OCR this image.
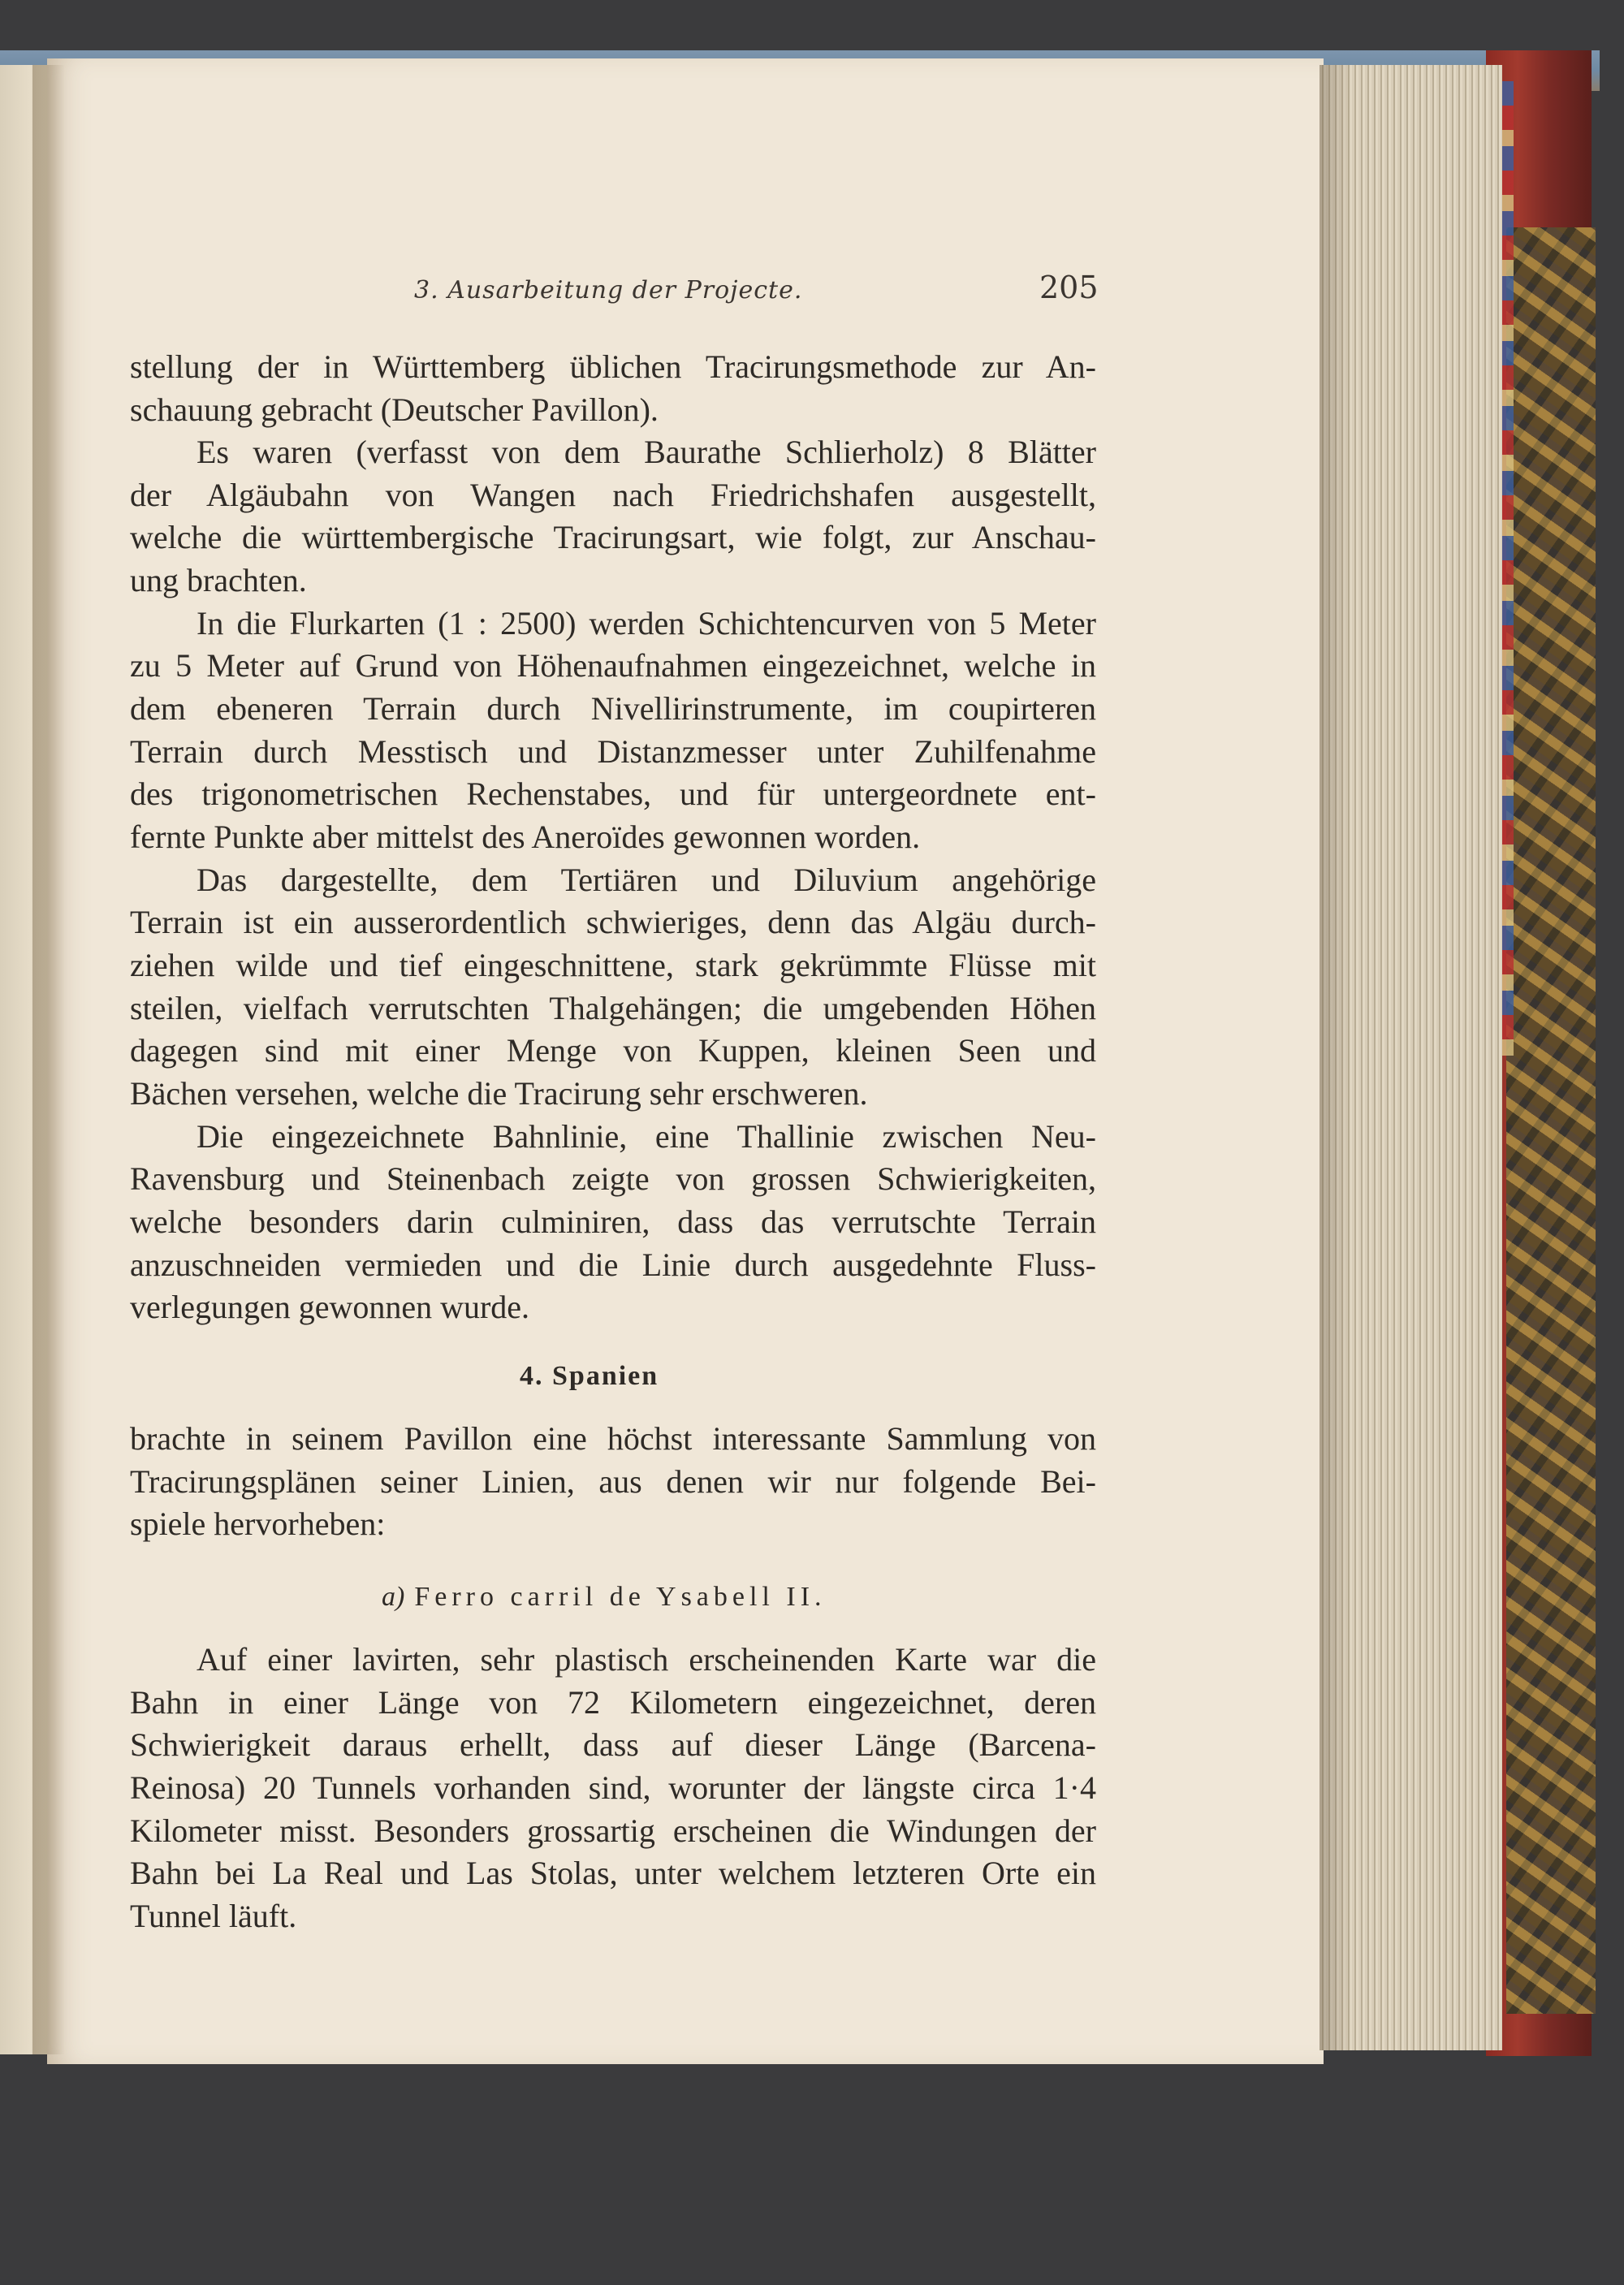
3. Ausarbeitung der Projecte.	205
stellung der in Württemberg üblichen Tracirungsmethode zur An-
schauung gebracht (Deutscher Pavillon).
Es waren (verfasst von dem Baurathe Schlierholz) 8 Blätter
der Algäubahn von Wangen nach Friedrichshafen ausgestellt,
welche die württembergische Tracirungsart, wie folgt, zur Anschau-
ung brachten.
In die Flurkarten (1 : 2500) werden Schichtencurven von 5 Meter
zu 5 Meter auf Grund von Höhenaufnahmen eingezeichnet, welche in
dem ebeneren Terrain durch Nivellirinstrumente, im coupirteren
Terrain durch Messtisch und Distanzmesser unter Zuhilfenahme
des trigonometrischen Rechenstabes, und für untergeordnete ent-
fernte Punkte aber mittelst des Aneroïdes gewonnen worden.
Das dargestellte, dem Tertiären und Diluvium angehörige
Terrain ist ein ausserordentlich schwieriges, denn das Algäu durch-
ziehen wilde und tief eingeschnittene, stark gekrümmte Flüsse mit
steilen, vielfach verrutschten Thalgehängen; die umgebenden Höhen
dagegen sind mit einer Menge von Kuppen, kleinen Seen und
Bächen versehen, welche die Tracirung sehr erschweren.
Die eingezeichnete Bahnlinie, eine Thallinie zwischen Neu-
Ravensburg und Steinenbach zeigte von grossen Schwierigkeiten,
welche besonders darin culminiren, dass das verrutschte Terrain
anzuschneiden vermieden und die Linie durch ausgedehnte Fluss-
verlegungen gewonnen wurde.
4. Spanien
brachte in seinem Pavillon eine höchst interessante Sammlung von
Tracirungsplänen seiner Linien, aus denen wir nur folgende Bei-
spiele hervorheben:
a) Ferro carril de Ysabell II.
Auf einer lavirten, sehr plastisch erscheinenden Karte war die
Bahn in einer Länge von 72 Kilometern eingezeichnet, deren
Schwierigkeit daraus erhellt, dass auf dieser Länge (Barcena-
Reinosa) 20 Tunnels vorhanden sind, worunter der längste circa 1·4
Kilometer misst. Besonders grossartig erscheinen die Windungen der
Bahn bei La Real und Las Stolas, unter welchem letzteren Orte ein
Tunnel läuft.
